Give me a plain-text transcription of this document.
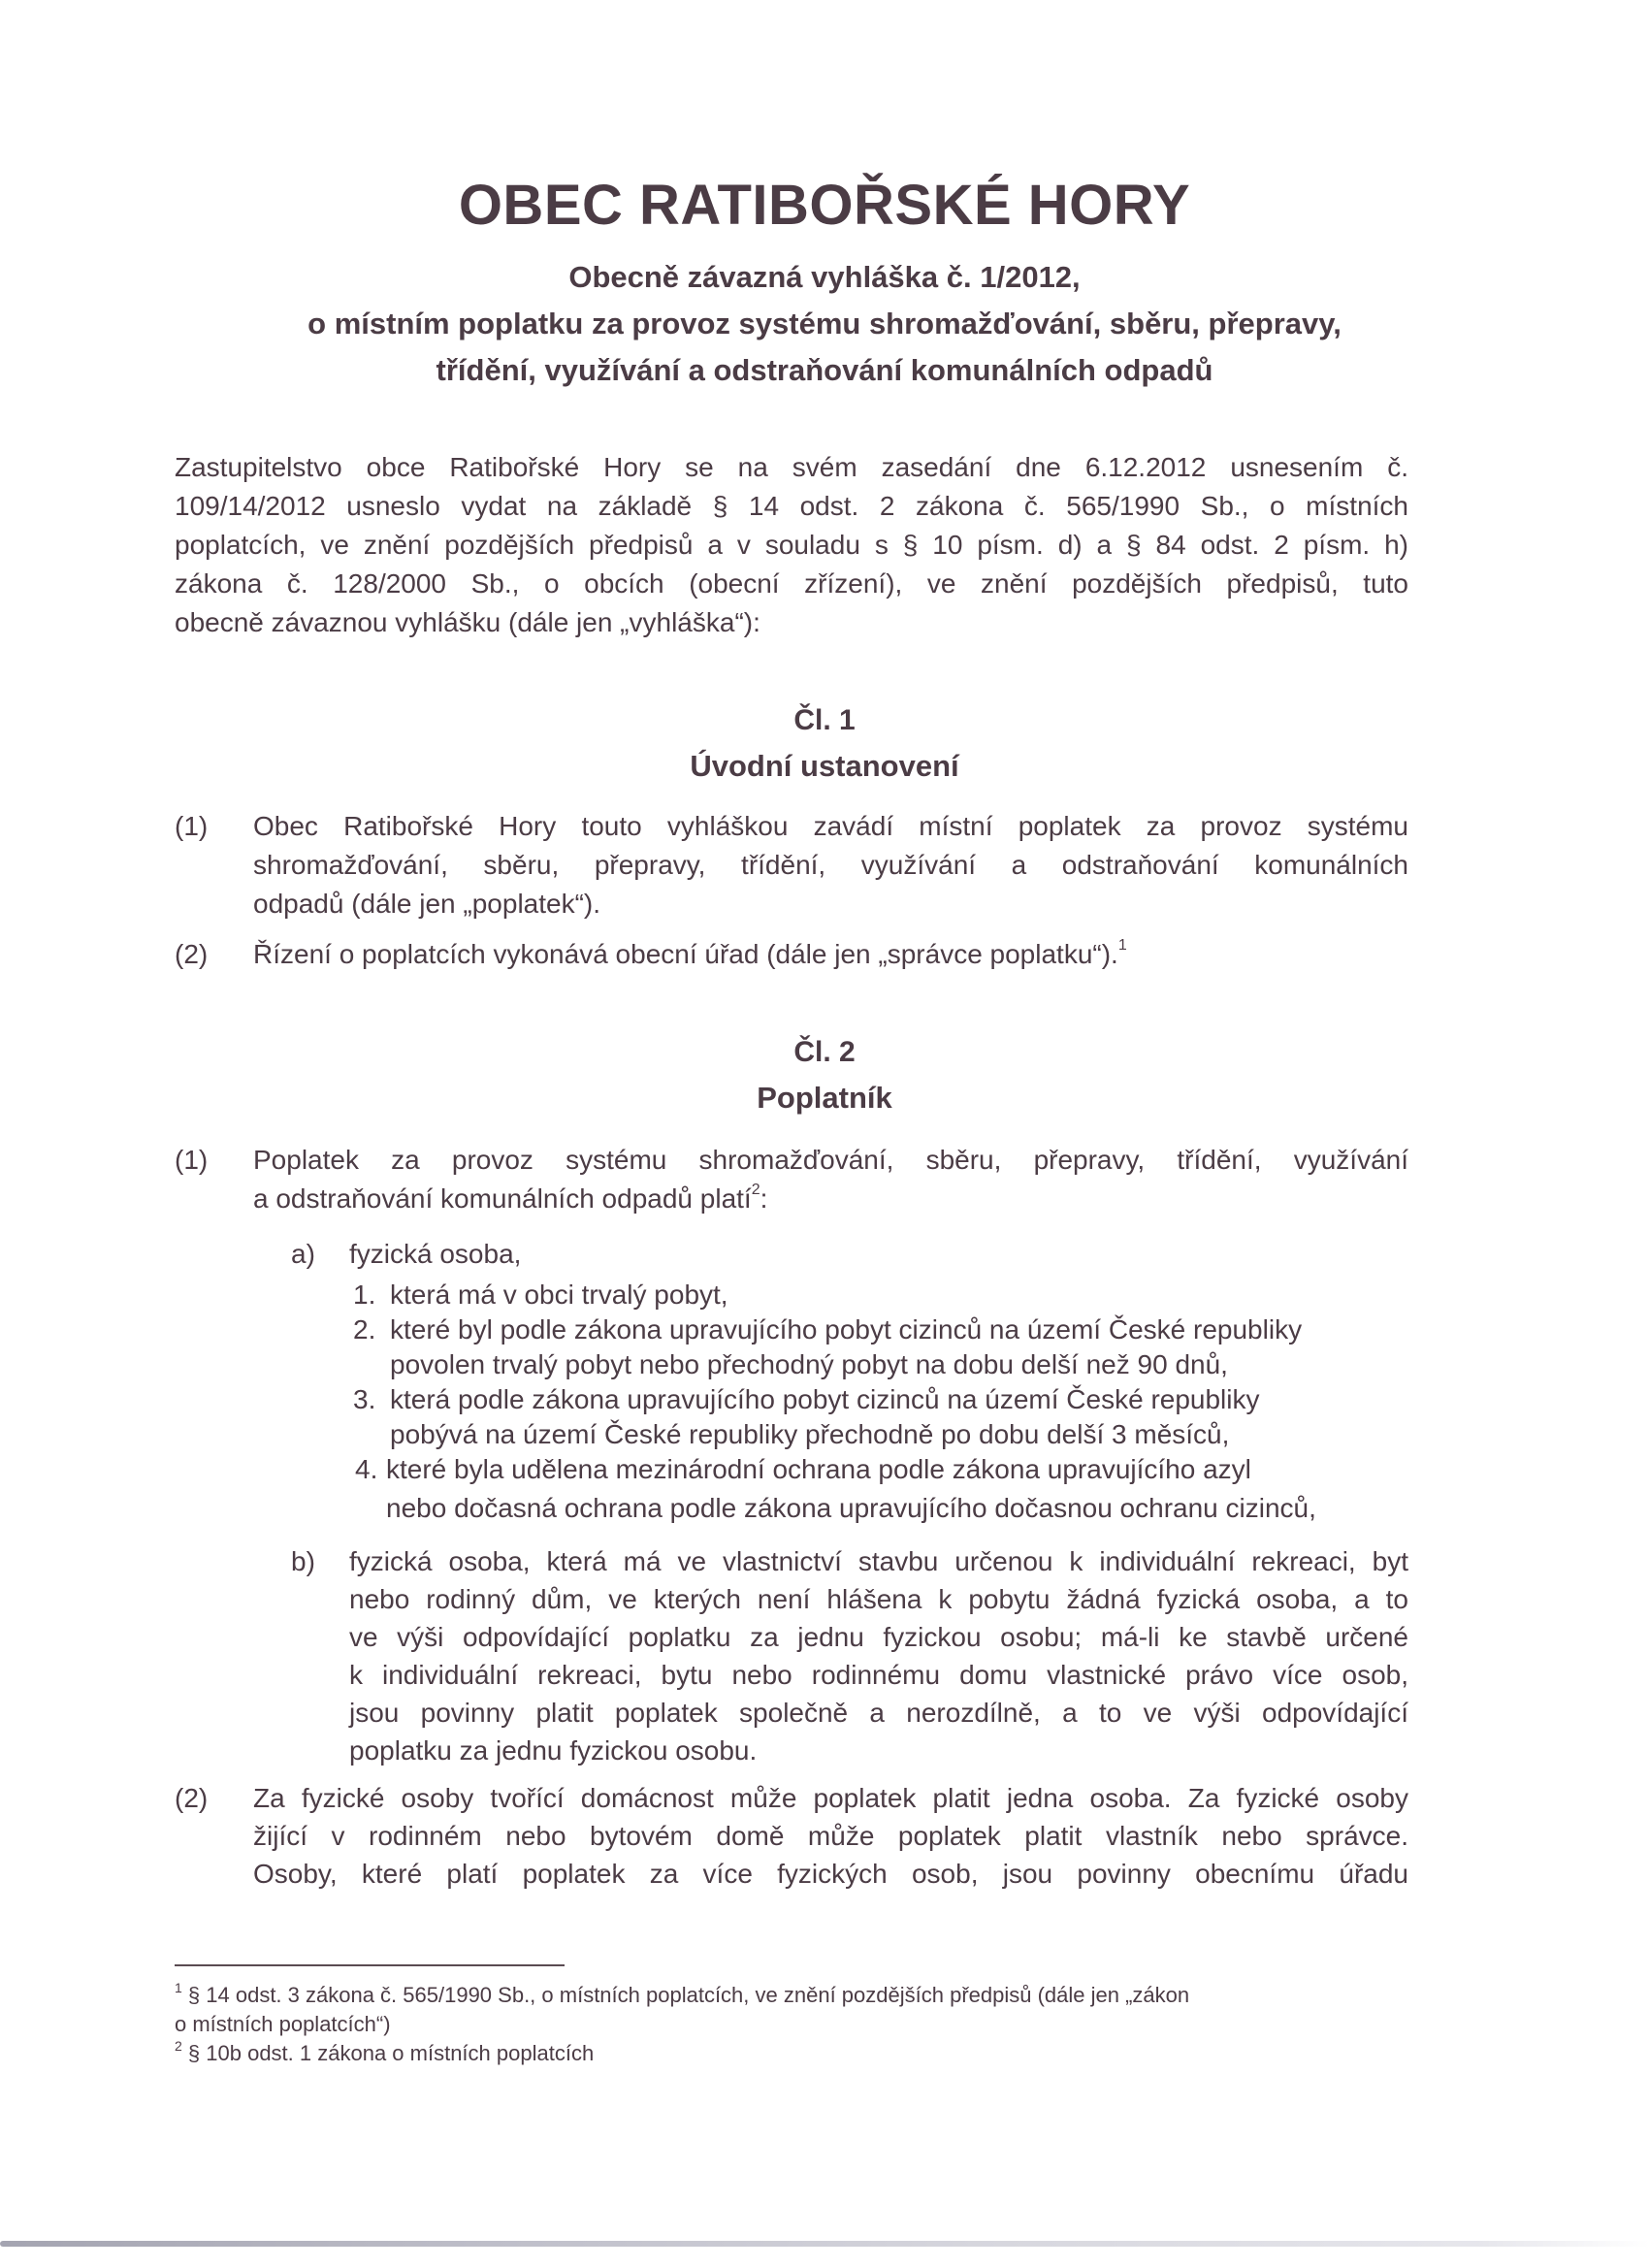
OBEC RATIBOŘSKÉ HORY
Obecně závazná vyhláška č. 1/2012,
o místním poplatku za provoz systému shromažďování, sběru, přepravy,
třídění, využívání a odstraňování komunálních odpadů
Zastupitelstvo obce Ratibořské Hory se na svém zasedání dne 6.12.2012 usnesením č.
109/14/2012 usneslo vydat na základě § 14 odst. 2 zákona č. 565/1990 Sb., o místních
poplatcích, ve znění pozdějších předpisů a v souladu s § 10 písm. d) a § 84 odst. 2 písm. h)
zákona č. 128/2000 Sb., o obcích (obecní zřízení), ve znění pozdějších předpisů, tuto
obecně závaznou vyhlášku (dále jen „vyhláška“):
Čl. 1
Úvodní ustanovení
(1) Obec Ratibořské Hory touto vyhláškou zavádí místní poplatek za provoz systému
shromažďování, sběru, přepravy, třídění, využívání a odstraňování komunálních
odpadů (dále jen „poplatek“).
(2) Řízení o poplatcích vykonává obecní úřad (dále jen „správce poplatku“).$^1$
Čl. 2
Poplatník
(1) Poplatek za provoz systému shromažďování, sběru, přepravy, třídění, využívání
a odstraňování komunálních odpadů platí$^2$:
a) fyzická osoba,
1. která má v obci trvalý pobyt,
2. které byl podle zákona upravujícího pobyt cizinců na území České republiky
povolen trvalý pobyt nebo přechodný pobyt na dobu delší než 90 dnů,
3. která podle zákona upravujícího pobyt cizinců na území České republiky
pobývá na území České republiky přechodně po dobu delší 3 měsíců,
4. které byla udělena mezinárodní ochrana podle zákona upravujícího azyl
nebo dočasná ochrana podle zákona upravujícího dočasnou ochranu cizinců,
b) fyzická osoba, která má ve vlastnictví stavbu určenou k individuální rekreaci, byt
nebo rodinný dům, ve kterých není hlášena k pobytu žádná fyzická osoba, a to
ve výši odpovídající poplatku za jednu fyzickou osobu; má-li ke stavbě určené
k individuální rekreaci, bytu nebo rodinnému domu vlastnické právo více osob,
jsou povinny platit poplatek společně a nerozdílně, a to ve výši odpovídající
poplatku za jednu fyzickou osobu.
(2) Za fyzické osoby tvořící domácnost může poplatek platit jedna osoba. Za fyzické osoby
žijící v rodinném nebo bytovém domě může poplatek platit vlastník nebo správce.
Osoby, které platí poplatek za více fyzických osob, jsou povinny obecnímu úřadu
$^1$ § 14 odst. 3 zákona č. 565/1990 Sb., o místních poplatcích, ve znění pozdějších předpisů (dále jen „zákon
o místních poplatcích“)
$^2$ § 10b odst. 1 zákona o místních poplatcích
